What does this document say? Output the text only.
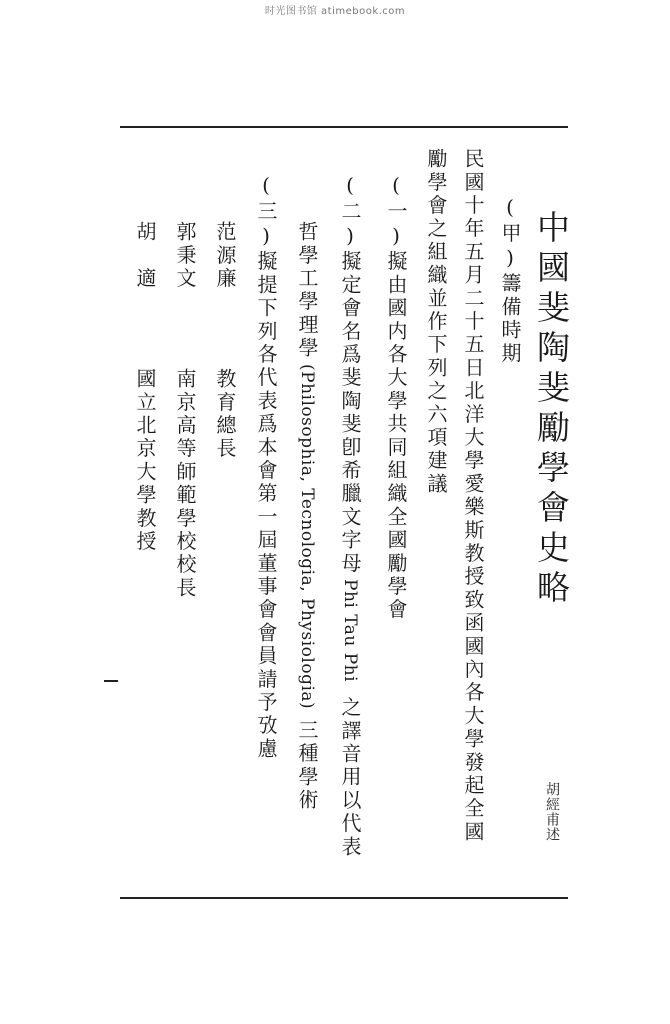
时光图书馆 atimebook.com
中國斐陶斐勵學會史略
胡經甫述
(甲)籌備時期
民國十年五月二十五日北洋大學愛樂斯教授致函國內各大學發起全國
勵學會之組織並作下列之六項建議
(一)擬由國内各大學共同組織全國勵學會
(二)擬定會名爲斐陶斐卽希臘文字母Phi Tau Phi之譯音用以代表
哲學工學理學(Philosophia, Tecnologia, Physiologia)三種學術
(三)擬提下列各代表爲本會第一屆董事會會員請予攷慮
范源廉
教育總長
郭秉文
南京高等師範學校校長
胡　適
國立北京大學教授
